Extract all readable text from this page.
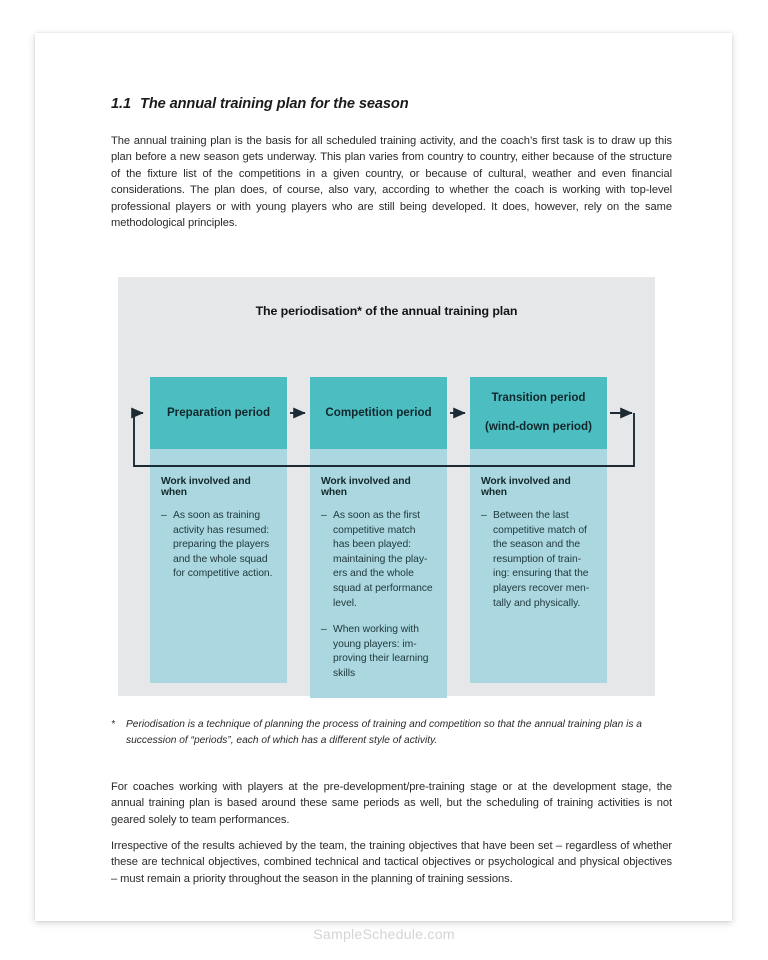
1.1 The annual training plan for the season
The annual training plan is the basis for all scheduled training activity, and the coach’s first task is to draw up this plan before a new season gets underway. This plan varies from country to country, either because of the structure of the fixture list of the competitions in a given country, or because of cultural, weather and even financial considerations. The plan does, of course, also vary, according to whether the coach is working with top-level professional players or with young players who are still being developed. It does, however, rely on the same methodological principles.
The periodisation* of the annual training plan
Preparation period
Work involved and when
– As soon as training activity has resumed: preparing the players and the whole squad for competitive action.
Competition period
Work involved and when
– As soon as the first competitive match has been played: maintaining the play-ers and the whole squad at performance level.
– When working with young players: im-proving their learning skills
Transition period

(wind-down period)
Work involved and when
– Between the last competitive match of the season and the resumption of train-ing: ensuring that the players recover men-tally and physically.
*	Periodisation is a technique of planning the process of training and competition so that the annual training plan is a succession of “periods”, each of which has a different style of activity.
For coaches working with players at the pre-development/pre-training stage or at the development stage, the annual training plan is based around these same periods as well, but the scheduling of training activities is not geared solely to team performances.
Irrespective of the results achieved by the team, the training objectives that have been set – regardless of whether these are technical objectives, combined technical and tactical objectives or psychological and physical objectives – must remain a priority throughout the season in the planning of training sessions.
SampleSchedule.com
